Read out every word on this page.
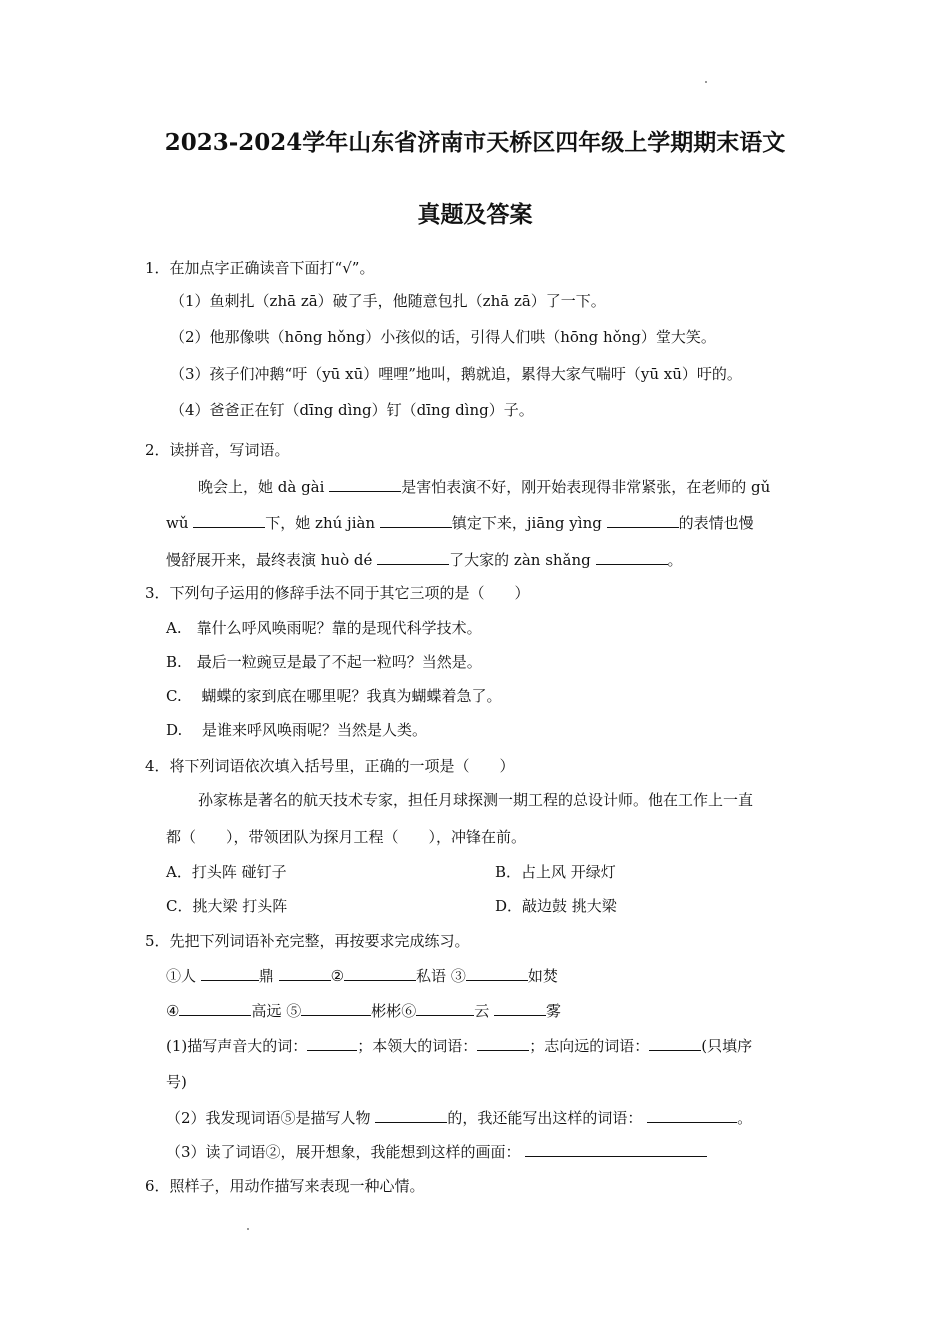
2023-2024学年山东省济南市天桥区四年级上学期期末语文
真题及答案
1．在加点字正确读音下面打“√”。
（1）鱼刺扎（zhā zā）破了手，他随意包扎（zhā zā）了一下。
（2）他那像哄（hōng hǒng）小孩似的话，引得人们哄（hōng hǒng）堂大笑。
（3）孩子们冲鹅“吁（yū xū）哩哩”地叫，鹅就追，累得大家气喘吁（yū xū）吁的。
（4）爸爸正在钉（dīng dìng）钉（dīng dìng）子。
2．读拼音，写词语。
晚会上，她 dà gài	是害怕表演不好，刚开始表现得非常紧张，在老师的 gǔ
wǔ	下，她 zhú jiàn	镇定下来，jiāng yìng	的表情也慢
慢舒展开来，最终表演 huò dé	了大家的 zàn shǎng	。
3．下列句子运用的修辞手法不同于其它三项的是（　　）
A.　靠什么呼风唤雨呢？靠的是现代科学技术。
B.　最后一粒豌豆是最了不起一粒吗？当然是。
C.　 蝴蝶的家到底在哪里呢？我真为蝴蝶着急了。
D.　 是谁来呼风唤雨呢？当然是人类。
4．将下列词语依次填入括号里，正确的一项是（　　）
孙家栋是著名的航天技术专家，担任月球探测一期工程的总设计师。他在工作上一直
都（　　），带领团队为探月工程（　　），冲锋在前。
A．打头阵 碰钉子	B．占上风 开绿灯
C．挑大梁 打头阵	D．敲边鼓 挑大梁
5．先把下列词语补充完整，再按要求完成练习。
①人	鼎	②	私语 ③	如焚
④	高远 ⑤	彬彬⑥	云	雾
(1)描写声音大的词：	；本领大的词语：	；志向远的词语：	(只填序
号)
（2）我发现词语⑤是描写人物	的，我还能写出这样的词语：	。
（3）读了词语②，展开想象，我能想到这样的画面：
6．照样子，用动作描写来表现一种心情。
